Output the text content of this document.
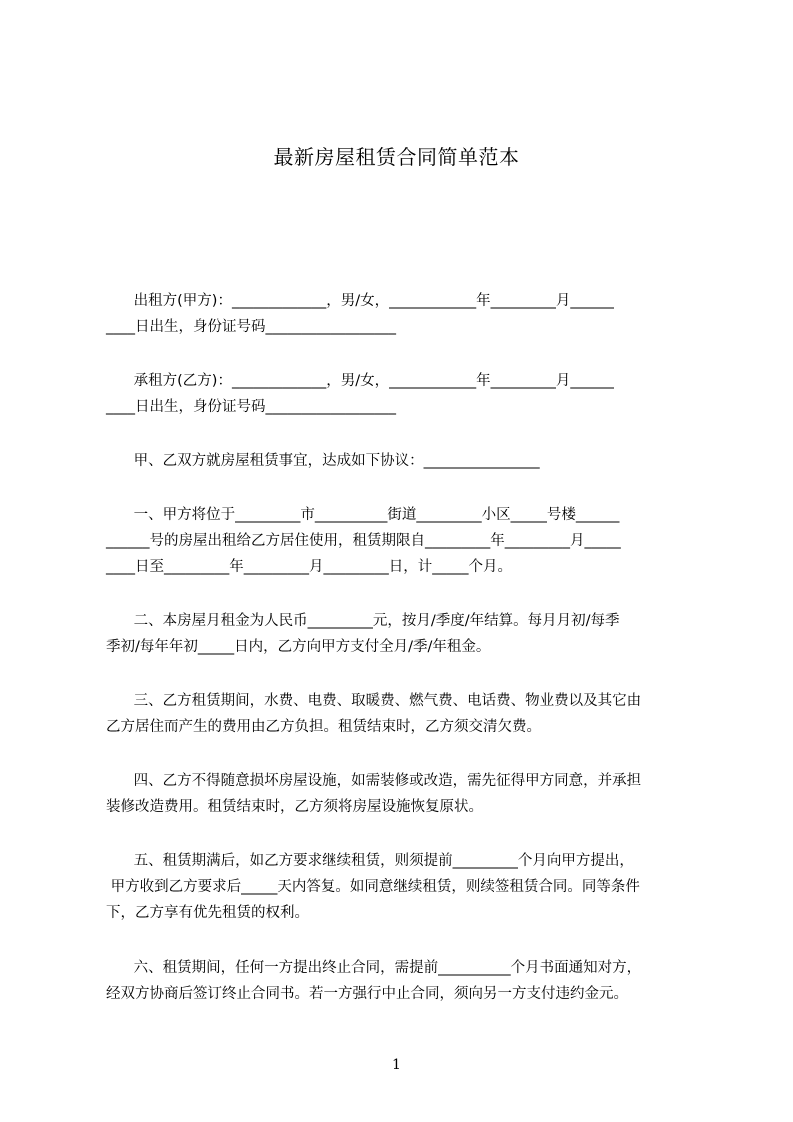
最新房屋租赁合同简单范本
出租方(甲方)：_____________，男/女，____________年_________月______
____日出生，身份证号码__________________
承租方(乙方)：_____________，男/女，____________年_________月______
____日出生，身份证号码__________________
甲、乙双方就房屋租赁事宜，达成如下协议：________________
一、甲方将位于_________市__________街道_________小区_____号楼______
______号的房屋出租给乙方居住使用，租赁期限自_________年_________月_____
____日至_________年_________月_________日，计_____个月。
二、本房屋月租金为人民币_________元，按月/季度/年结算。每月月初/每季
季初/每年年初_____日内，乙方向甲方支付全月/季/年租金。
三、乙方租赁期间，水费、电费、取暖费、燃气费、电话费、物业费以及其它由
乙方居住而产生的费用由乙方负担。租赁结束时，乙方须交清欠费。
四、乙方不得随意损坏房屋设施，如需装修或改造，需先征得甲方同意，并承担
装修改造费用。租赁结束时，乙方须将房屋设施恢复原状。
五、租赁期满后，如乙方要求继续租赁，则须提前_________个月向甲方提出，
甲方收到乙方要求后_____天内答复。如同意继续租赁，则续签租赁合同。同等条件
下，乙方享有优先租赁的权利。
六、租赁期间，任何一方提出终止合同，需提前__________个月书面通知对方，
经双方协商后签订终止合同书。若一方强行中止合同，须向另一方支付违约金元。
1
